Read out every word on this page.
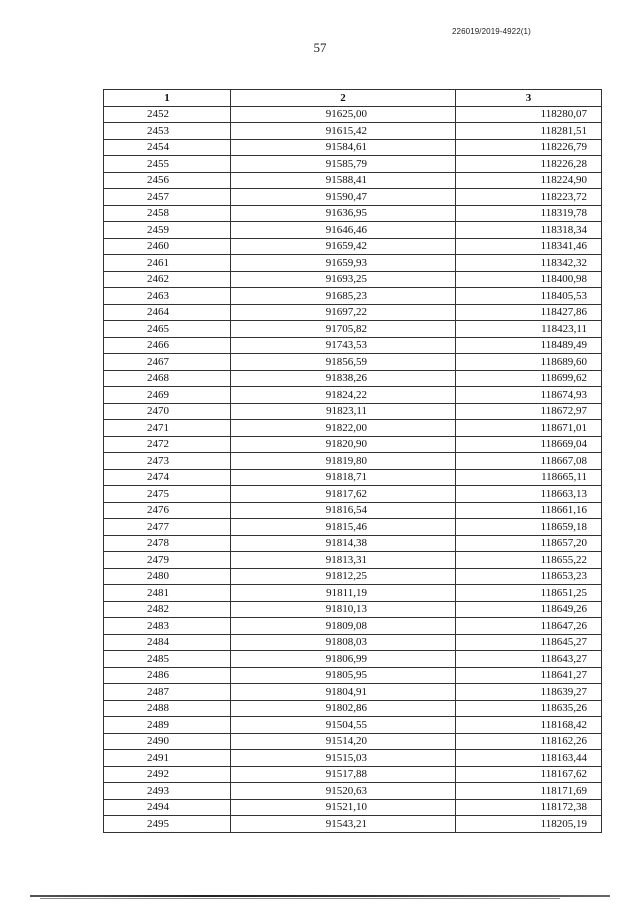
226019/2019-4922(1)
57
1	2	3
2452	91625,00	118280,07
2453	91615,42	118281,51
2454	91584,61	118226,79
2455	91585,79	118226,28
2456	91588,41	118224,90
2457	91590,47	118223,72
2458	91636,95	118319,78
2459	91646,46	118318,34
2460	91659,42	118341,46
2461	91659,93	118342,32
2462	91693,25	118400,98
2463	91685,23	118405,53
2464	91697,22	118427,86
2465	91705,82	118423,11
2466	91743,53	118489,49
2467	91856,59	118689,60
2468	91838,26	118699,62
2469	91824,22	118674,93
2470	91823,11	118672,97
2471	91822,00	118671,01
2472	91820,90	118669,04
2473	91819,80	118667,08
2474	91818,71	118665,11
2475	91817,62	118663,13
2476	91816,54	118661,16
2477	91815,46	118659,18
2478	91814,38	118657,20
2479	91813,31	118655,22
2480	91812,25	118653,23
2481	91811,19	118651,25
2482	91810,13	118649,26
2483	91809,08	118647,26
2484	91808,03	118645,27
2485	91806,99	118643,27
2486	91805,95	118641,27
2487	91804,91	118639,27
2488	91802,86	118635,26
2489	91504,55	118168,42
2490	91514,20	118162,26
2491	91515,03	118163,44
2492	91517,88	118167,62
2493	91520,63	118171,69
2494	91521,10	118172,38
2495	91543,21	118205,19
